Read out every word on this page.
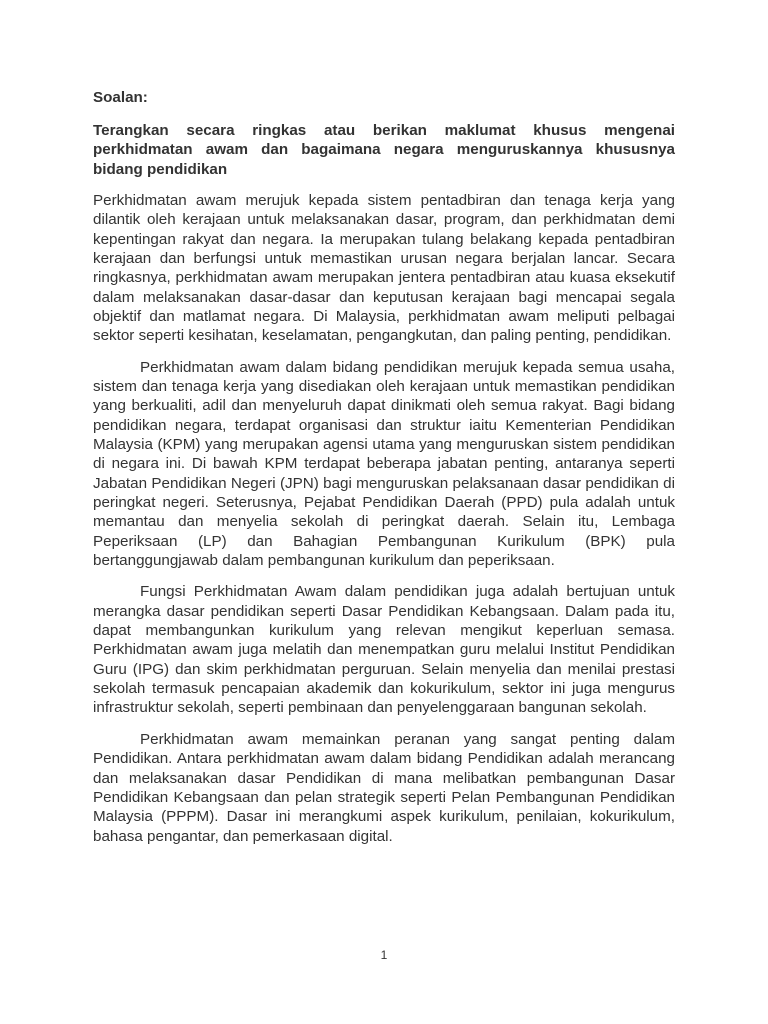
Soalan:

Terangkan secara ringkas atau berikan maklumat khusus mengenai perkhidmatan awam dan bagaimana negara menguruskannya khususnya bidang pendidikan

Perkhidmatan awam merujuk kepada sistem pentadbiran dan tenaga kerja yang dilantik oleh kerajaan untuk melaksanakan dasar, program, dan perkhidmatan demi kepentingan rakyat dan negara. Ia merupakan tulang belakang kepada pentadbiran kerajaan dan berfungsi untuk memastikan urusan negara berjalan lancar. Secara ringkasnya, perkhidmatan awam merupakan jentera pentadbiran atau kuasa eksekutif dalam melaksanakan dasar-dasar dan keputusan kerajaan bagi mencapai segala objektif dan matlamat negara. Di Malaysia, perkhidmatan awam meliputi pelbagai sektor seperti kesihatan, keselamatan, pengangkutan, dan paling penting, pendidikan.

Perkhidmatan awam dalam bidang pendidikan merujuk kepada semua usaha, sistem dan tenaga kerja yang disediakan oleh kerajaan untuk memastikan pendidikan yang berkualiti, adil dan menyeluruh dapat dinikmati oleh semua rakyat. Bagi bidang pendidikan negara, terdapat organisasi dan struktur iaitu Kementerian Pendidikan Malaysia (KPM) yang merupakan agensi utama yang menguruskan sistem pendidikan di negara ini. Di bawah KPM terdapat beberapa jabatan penting, antaranya seperti Jabatan Pendidikan Negeri (JPN) bagi menguruskan pelaksanaan dasar pendidikan di peringkat negeri. Seterusnya, Pejabat Pendidikan Daerah (PPD) pula adalah untuk memantau dan menyelia sekolah di peringkat daerah. Selain itu, Lembaga Peperiksaan (LP) dan Bahagian Pembangunan Kurikulum (BPK) pula bertanggungjawab dalam pembangunan kurikulum dan peperiksaan.

Fungsi Perkhidmatan Awam dalam pendidikan juga adalah bertujuan untuk merangka dasar pendidikan seperti Dasar Pendidikan Kebangsaan. Dalam pada itu, dapat membangunkan kurikulum yang relevan mengikut keperluan semasa. Perkhidmatan awam juga melatih dan menempatkan guru melalui Institut Pendidikan Guru (IPG) dan skim perkhidmatan perguruan. Selain menyelia dan menilai prestasi sekolah termasuk pencapaian akademik dan kokurikulum, sektor ini juga mengurus infrastruktur sekolah, seperti pembinaan dan penyelenggaraan bangunan sekolah.

Perkhidmatan awam memainkan peranan yang sangat penting dalam Pendidikan. Antara perkhidmatan awam dalam bidang Pendidikan adalah merancang dan melaksanakan dasar Pendidikan di mana melibatkan pembangunan Dasar Pendidikan Kebangsaan dan pelan strategik seperti Pelan Pembangunan Pendidikan Malaysia (PPPM). Dasar ini merangkumi aspek kurikulum, penilaian, kokurikulum, bahasa pengantar, dan pemerkasaan digital.

1
